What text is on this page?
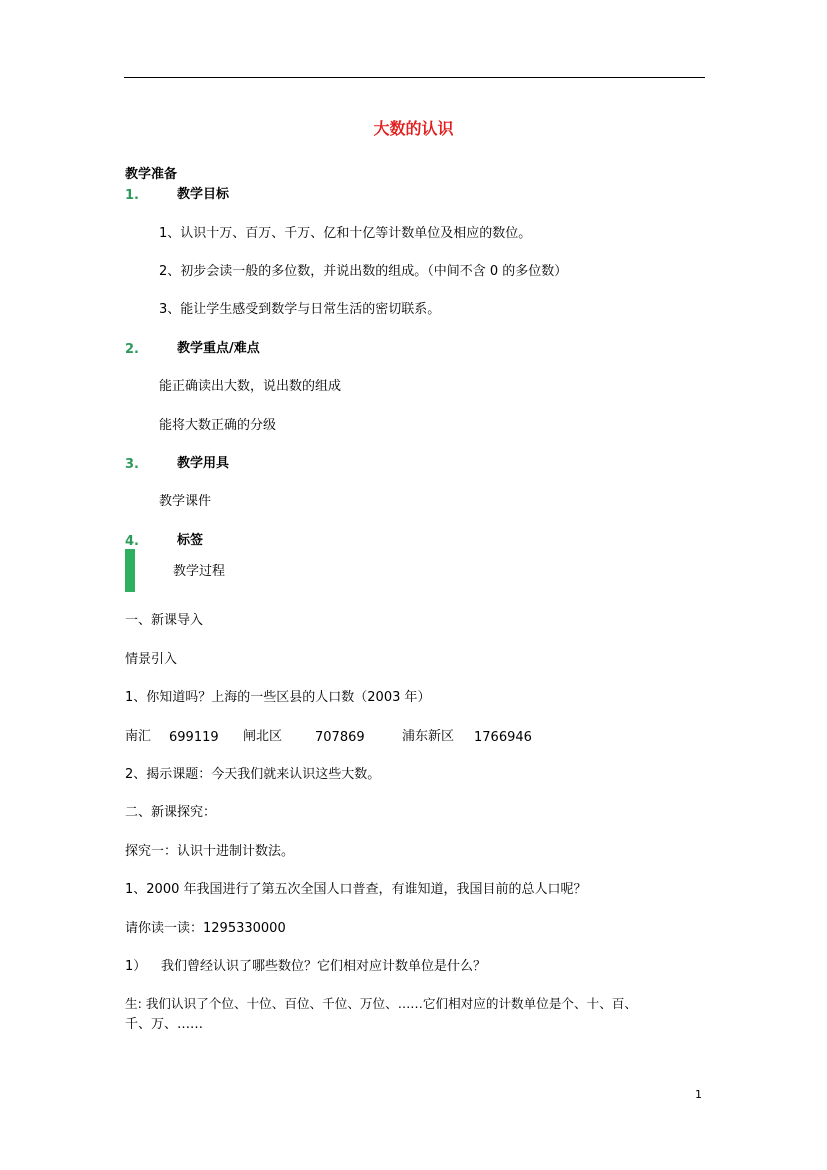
大数的认识
教学准备
1.	教学目标
1、认识十万、百万、千万、亿和十亿等计数单位及相应的数位。
2、初步会读一般的多位数，并说出数的组成。（中间不含 0 的多位数）
3、能让学生感受到数学与日常生活的密切联系。
2.	教学重点/难点
能正确读出大数，说出数的组成
能将大数正确的分级
3.	教学用具
教学课件
4.	标签
教学过程
一、新课导入
情景引入
1、你知道吗？上海的一些区县的人口数（2003 年）
南汇 699119 闸北区	707869	浦东新区 1766946
2、揭示课题：今天我们就来认识这些大数。
二、新课探究：
探究一：认识十进制计数法。
1、2000 年我国进行了第五次全国人口普查，有谁知道，我国目前的总人口呢？
请你读一读：1295330000
1） 我们曾经认识了哪些数位？它们相对应计数单位是什么？
生: 我们认识了个位、十位、百位、千位、万位、……它们相对应的计数单位是个、十、百、
千、万、……
1
